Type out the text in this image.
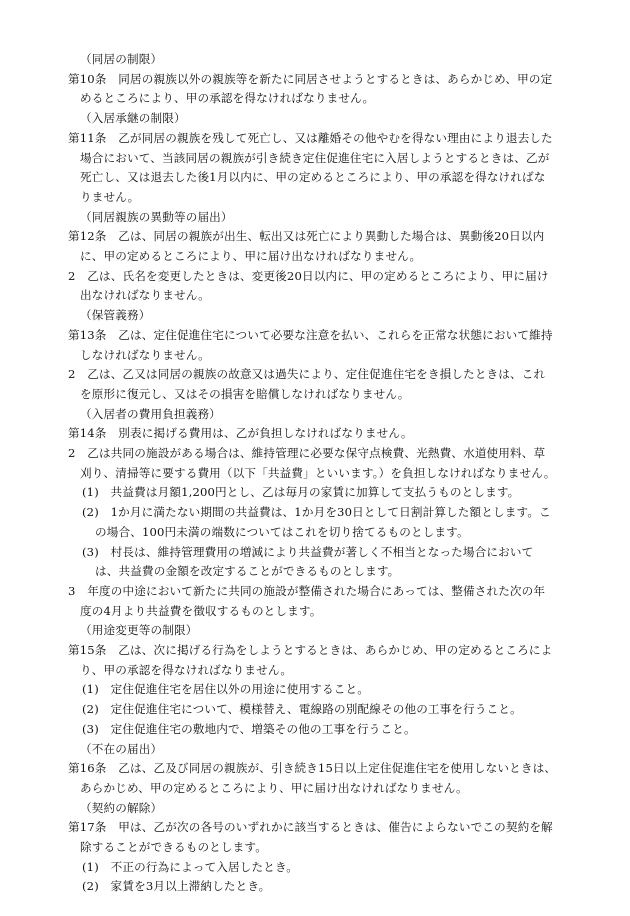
（同居の制限）
第10条　同居の親族以外の親族等を新たに同居させようとするときは、あらかじめ、甲の定
めるところにより、甲の承認を得なければなりません。
（入居承継の制限）
第11条　乙が同居の親族を残して死亡し、又は離婚その他やむを得ない理由により退去した
場合において、当該同居の親族が引き続き定住促進住宅に入居しようとするときは、乙が
死亡し、又は退去した後1月以内に、甲の定めるところにより、甲の承認を得なければな
りません。
（同居親族の異動等の届出）
第12条　乙は、同居の親族が出生、転出又は死亡により異動した場合は、異動後20日以内
に、甲の定めるところにより、甲に届け出なければなりません。
2　乙は、氏名を変更したときは、変更後20日以内に、甲の定めるところにより、甲に届け
出なければなりません。
（保管義務）
第13条　乙は、定住促進住宅について必要な注意を払い、これらを正常な状態において維持
しなければなりません。
2　乙は、乙又は同居の親族の故意又は過失により、定住促進住宅をき損したときは、これ
を原形に復元し、又はその損害を賠償しなければなりません。
（入居者の費用負担義務）
第14条　別表に掲げる費用は、乙が負担しなければなりません。
2　乙は共同の施設がある場合は、維持管理に必要な保守点検費、光熱費、水道使用料、草
刈り、清掃等に要する費用（以下「共益費」といいます。）を負担しなければなりません。
(1)　共益費は月額1,200円とし、乙は毎月の家賃に加算して支払うものとします。
(2)　1か月に満たない期間の共益費は、1か月を30日として日割計算した額とします。こ
の場合、100円未満の端数についてはこれを切り捨てるものとします。
(3)　村長は、維持管理費用の増減により共益費が著しく不相当となった場合において
は、共益費の金額を改定することができるものとします。
3　年度の中途において新たに共同の施設が整備された場合にあっては、整備された次の年
度の4月より共益費を徴収するものとします。
（用途変更等の制限）
第15条　乙は、次に掲げる行為をしようとするときは、あらかじめ、甲の定めるところによ
り、甲の承認を得なければなりません。
(1)　定住促進住宅を居住以外の用途に使用すること。
(2)　定住促進住宅について、模様替え、電線路の別配線その他の工事を行うこと。
(3)　定住促進住宅の敷地内で、増築その他の工事を行うこと。
（不在の届出）
第16条　乙は、乙及び同居の親族が、引き続き15日以上定住促進住宅を使用しないときは、
あらかじめ、甲の定めるところにより、甲に届け出なければなりません。
（契約の解除）
第17条　甲は、乙が次の各号のいずれかに該当するときは、催告によらないでこの契約を解
除することができるものとします。
(1)　不正の行為によって入居したとき。
(2)　家賃を3月以上滞納したとき。
